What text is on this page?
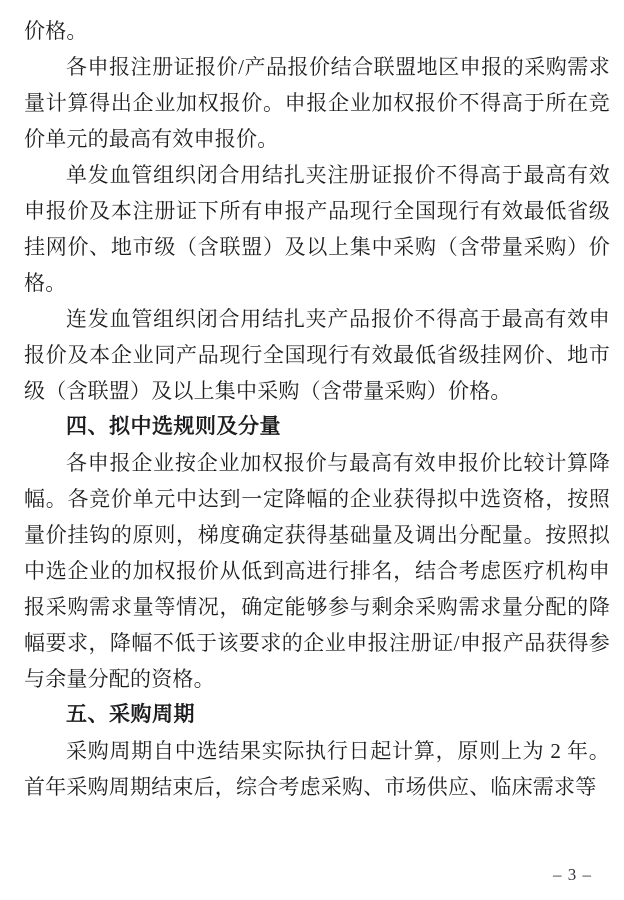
价格。

各申报注册证报价/产品报价结合联盟地区申报的采购需求量计算得出企业加权报价。申报企业加权报价不得高于所在竞价单元的最高有效申报价。

单发血管组织闭合用结扎夹注册证报价不得高于最高有效申报价及本注册证下所有申报产品现行全国现行有效最低省级挂网价、地市级（含联盟）及以上集中采购（含带量采购）价格。

连发血管组织闭合用结扎夹产品报价不得高于最高有效申报价及本企业同产品现行全国现行有效最低省级挂网价、地市级（含联盟）及以上集中采购（含带量采购）价格。

四、拟中选规则及分量

各申报企业按企业加权报价与最高有效申报价比较计算降幅。各竞价单元中达到一定降幅的企业获得拟中选资格，按照量价挂钩的原则，梯度确定获得基础量及调出分配量。按照拟中选企业的加权报价从低到高进行排名，结合考虑医疗机构申报采购需求量等情况，确定能够参与剩余采购需求量分配的降幅要求，降幅不低于该要求的企业申报注册证/申报产品获得参与余量分配的资格。

五、采购周期

采购周期自中选结果实际执行日起计算，原则上为 2 年。首年采购周期结束后，综合考虑采购、市场供应、临床需求等

– 3 –
